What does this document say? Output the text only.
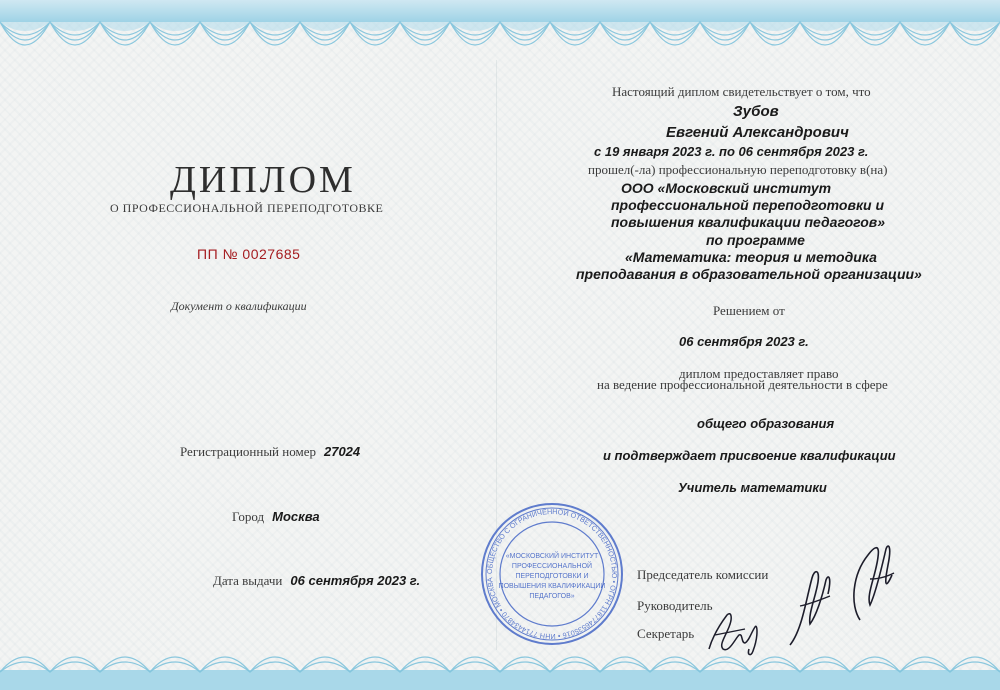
ДИПЛОМ
О ПРОФЕССИОНАЛЬНОЙ ПЕРЕПОДГОТОВКЕ
ПП № 0027685
Документ о квалификации
Регистрационный номер 27024
Город Москва
Дата выдачи 06 сентября 2023 г.
Настоящий диплом свидетельствует о том, что
Зубов
Евгений Александрович
с 19 января 2023 г. по 06 сентября 2023 г.
прошел(-ла) профессиональную переподготовку в(на)
ООО «Московский институт
профессиональной переподготовки и
повышения квалификации педагогов»
по программе
«Математика: теория и методика
преподавания в образовательной организации»
Решением от
06 сентября 2023 г.
диплом предоставляет право
на ведение профессиональной деятельности в сфере
общего образования
и подтверждает присвоение квалификации
Учитель математики
Председатель комиссии
Руководитель
Секретарь
ОБЩЕСТВО С ОГРАНИЧЕННОЙ ОТВЕТСТВЕННОСТЬЮ • ОГРН 1187746535016 • ИНН 7714434870 • МОСКВА
«МОСКОВСКИЙ ИНСТИТУТ
ПРОФЕССИОНАЛЬНОЙ
ПЕРЕПОДГОТОВКИ И
ПОВЫШЕНИЯ КВАЛИФИКАЦИИ
ПЕДАГОГОВ»
